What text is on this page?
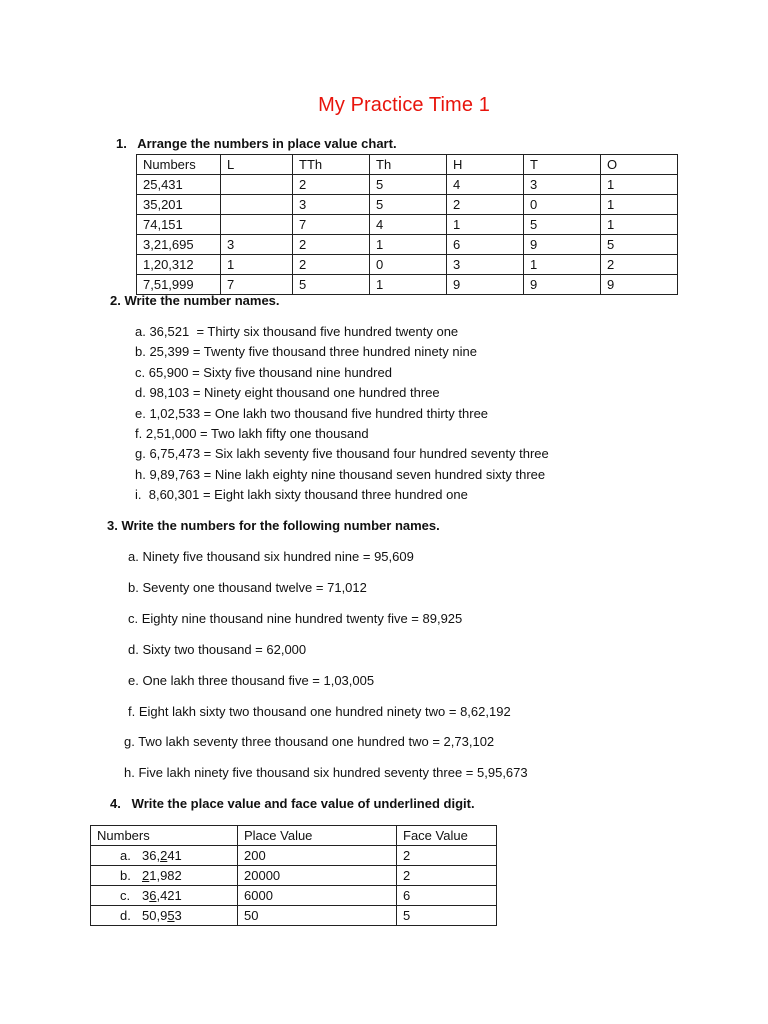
My Practice Time 1
1.   Arrange the numbers in place value chart.
Numbers	L	TTh	Th	H	T	O
25,431		2	5	4	3	1
35,201		3	5	2	0	1
74,151		7	4	1	5	1
3,21,695	3	2	1	6	9	5
1,20,312	1	2	0	3	1	2
7,51,999	7	5	1	9	9	9
2. Write the number names.
a. 36,521  = Thirty six thousand five hundred twenty one
b. 25,399 = Twenty five thousand three hundred ninety nine
c. 65,900 = Sixty five thousand nine hundred
d. 98,103 = Ninety eight thousand one hundred three
e. 1,02,533 = One lakh two thousand five hundred thirty three
f. 2,51,000 = Two lakh fifty one thousand
g. 6,75,473 = Six lakh seventy five thousand four hundred seventy three
h. 9,89,763 = Nine lakh eighty nine thousand seven hundred sixty three
i.  8,60,301 = Eight lakh sixty thousand three hundred one
3. Write the numbers for the following number names.
a. Ninety five thousand six hundred nine = 95,609
b. Seventy one thousand twelve = 71,012
c. Eighty nine thousand nine hundred twenty five = 89,925
d. Sixty two thousand = 62,000
e. One lakh three thousand five = 1,03,005
f. Eight lakh sixty two thousand one hundred ninety two = 8,62,192
g. Two lakh seventy three thousand one hundred two = 2,73,102
h. Five lakh ninety five thousand six hundred seventy three = 5,95,673
4.   Write the place value and face value of underlined digit.
Numbers	Place Value	Face Value
a. 36,241	200	2
b. 21,982	20000	2
c. 36,421	6000	6
d. 50,953	50	5
